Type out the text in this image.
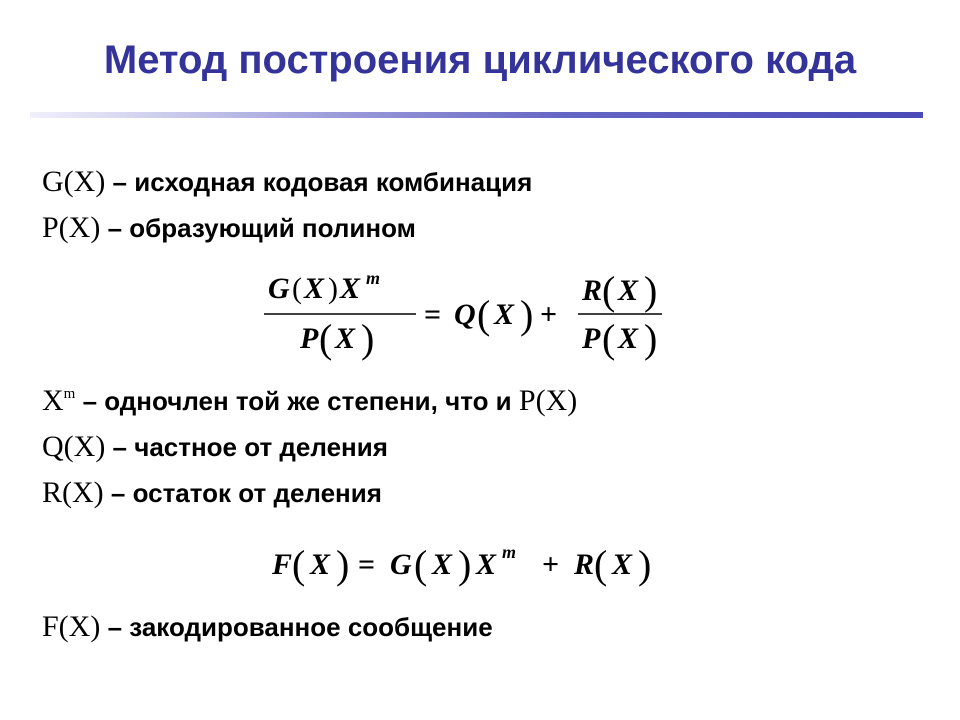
Метод построения циклического кода
G(X) – исходная кодовая комбинация
P(X) – образующий полином
G ( X ) X m
P ( X )
= Q ( X ) +
R ( X )
P ( X )
$X^m$ – одночлен той же степени, что и P(X)
Q(X) – частное от деления
R(X) – остаток от деления
F ( X ) = G ( X ) X m + R ( X )
F(X) – закодированное сообщение
